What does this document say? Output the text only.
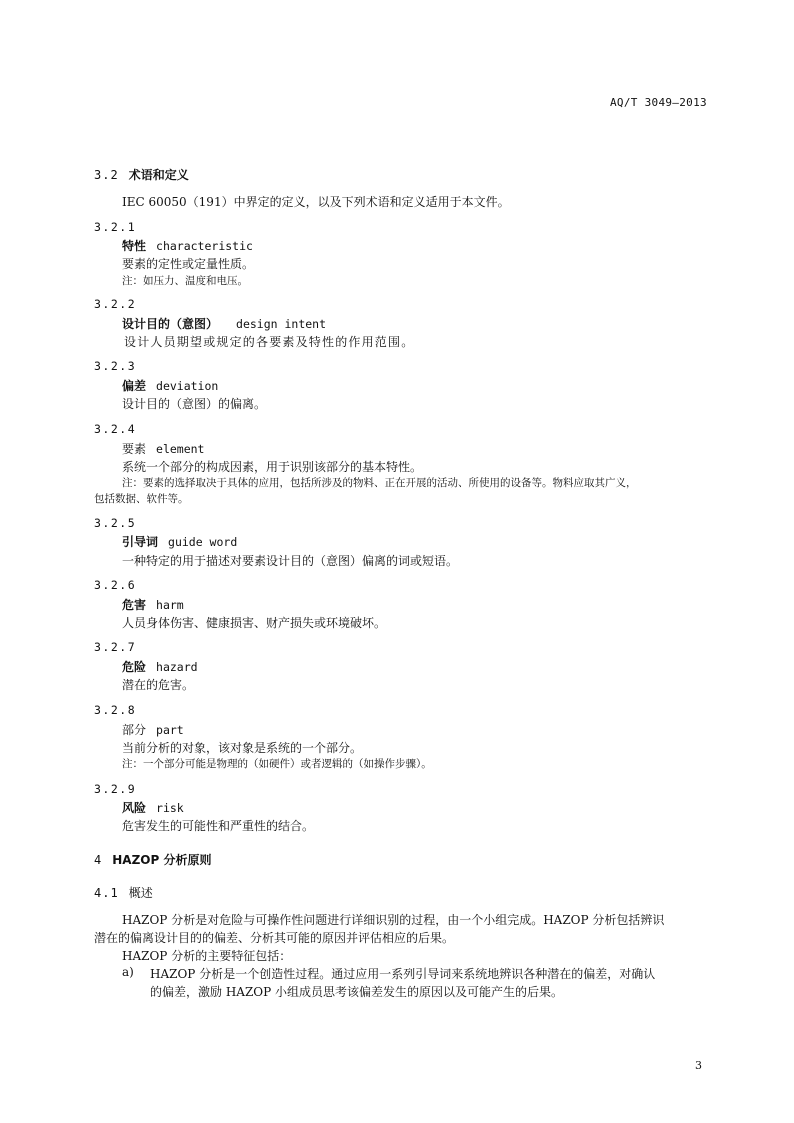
AQ/T 3049—2013
3.2 术语和定义
IEC 60050（191）中界定的定义，以及下列术语和定义适用于本文件。
3.2.1
特性 characteristic
要素的定性或定量性质。
注：如压力、温度和电压。
3.2.2
设计目的（意图） design intent
设计人员期望或规定的各要素及特性的作用范围。
3.2.3
偏差 deviation
设计目的（意图）的偏离。
3.2.4
要素 element
系统一个部分的构成因素，用于识别该部分的基本特性。
注：要素的选择取决于具体的应用，包括所涉及的物料、正在开展的活动、所使用的设备等。物料应取其广义，
包括数据、软件等。
3.2.5
引导词 guide word
一种特定的用于描述对要素设计目的（意图）偏离的词或短语。
3.2.6
危害 harm
人员身体伤害、健康损害、财产损失或环境破坏。
3.2.7
危险 hazard
潜在的危害。
3.2.8
部分 part
当前分析的对象，该对象是系统的一个部分。
注：一个部分可能是物理的（如硬件）或者逻辑的（如操作步骤）。
3.2.9
风险 risk
危害发生的可能性和严重性的结合。
4 HAZOP 分析原则
4.1 概述
HAZOP 分析是对危险与可操作性问题进行详细识别的过程，由一个小组完成。HAZOP 分析包括辨识
潜在的偏离设计目的的偏差、分析其可能的原因并评估相应的后果。
HAZOP 分析的主要特征包括：
a) HAZOP 分析是一个创造性过程。通过应用一系列引导词来系统地辨识各种潜在的偏差，对确认
的偏差，激励 HAZOP 小组成员思考该偏差发生的原因以及可能产生的后果。
3
